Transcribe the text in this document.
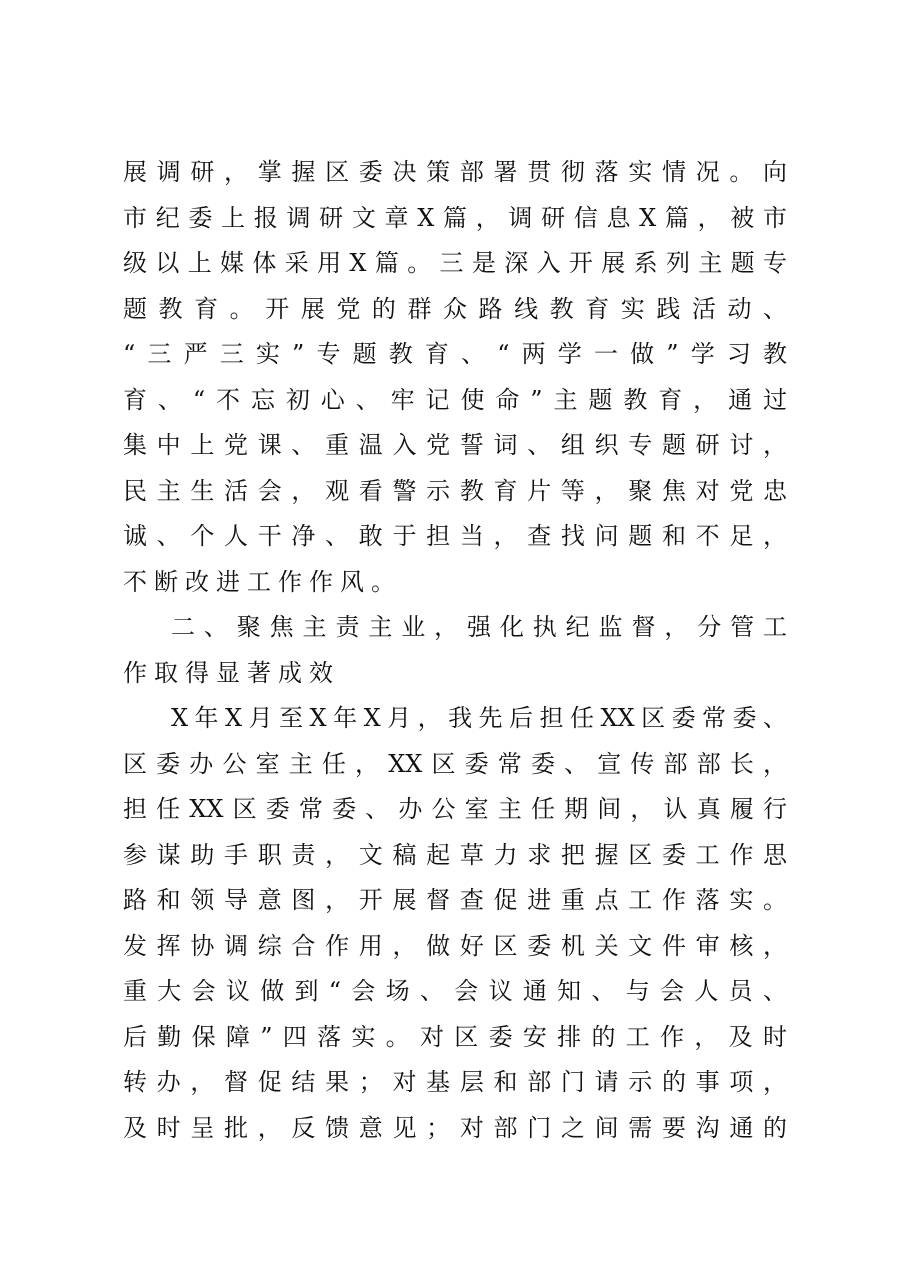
展调研，掌握区委决策部署贯彻落实情况。向
市纪委上报调研文章X篇，调研信息X篇，被市
级以上媒体采用X篇。三是深入开展系列主题专
题教育。开展党的群众路线教育实践活动、
“三严三实”专题教育、“两学一做”学习教
育、“不忘初心、牢记使命”主题教育，通过
集中上党课、重温入党誓词、组织专题研讨，
民主生活会，观看警示教育片等，聚焦对党忠
诚、个人干净、敢于担当，查找问题和不足，
不断改进工作作风。
二、聚焦主责主业，强化执纪监督，分管工
作取得显著成效
X年X月至X年X月，我先后担任XX区委常委、
区委办公室主任，XX区委常委、宣传部部长，
担任XX区委常委、办公室主任期间，认真履行
参谋助手职责，文稿起草力求把握区委工作思
路和领导意图，开展督查促进重点工作落实。
发挥协调综合作用，做好区委机关文件审核，
重大会议做到“会场、会议通知、与会人员、
后勤保障”四落实。对区委安排的工作，及时
转办，督促结果；对基层和部门请示的事项，
及时呈批，反馈意见；对部门之间需要沟通的
